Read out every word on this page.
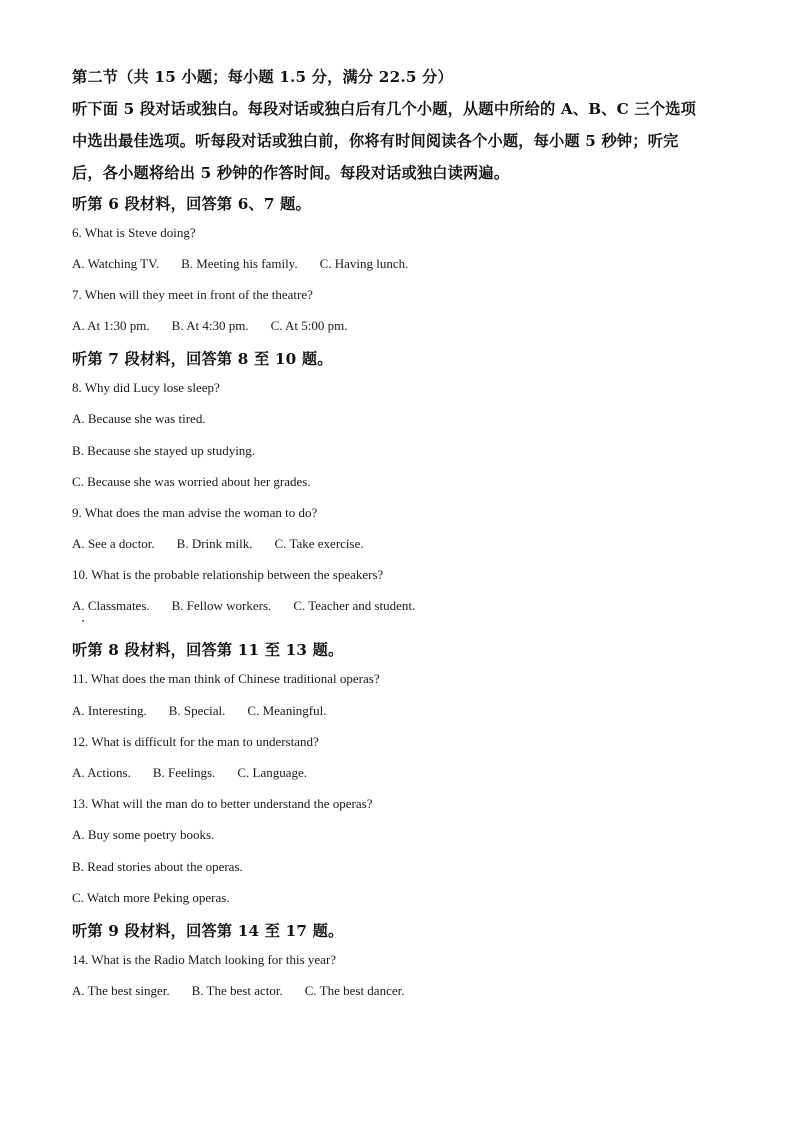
第二节（共 15 小题；每小题 1.5 分，满分 22.5 分）
听下面 5 段对话或独白。每段对话或独白后有几个小题，从题中所给的 A、B、C 三个选项
中选出最佳选项。听每段对话或独白前，你将有时间阅读各个小题，每小题 5 秒钟；听完
后，各小题将给出 5 秒钟的作答时间。每段对话或独白读两遍。
听第 6 段材料，回答第 6、7 题。
6. What is Steve doing?
A. Watching TV. B. Meeting his family. C. Having lunch.
7. When will they meet in front of the theatre?
A. At 1:30 pm. B. At 4:30 pm. C. At 5:00 pm.
听第 7 段材料，回答第 8 至 10 题。
8. Why did Lucy lose sleep?
A. Because she was tired.
B. Because she stayed up studying.
C. Because she was worried about her grades.
9. What does the man advise the woman to do?
A. See a doctor. B. Drink milk. C. Take exercise.
10. What is the probable relationship between the speakers?
A. Classmates. B. Fellow workers. C. Teacher and student.
听第 8 段材料，回答第 11 至 13 题。
11. What does the man think of Chinese traditional operas?
A. Interesting. B. Special. C. Meaningful.
12. What is difficult for the man to understand?
A. Actions. B. Feelings. C. Language.
13. What will the man do to better understand the operas?
A. Buy some poetry books.
B. Read stories about the operas.
C. Watch more Peking operas.
听第 9 段材料，回答第 14 至 17 题。
14. What is the Radio Match looking for this year?
A. The best singer. B. The best actor. C. The best dancer.
